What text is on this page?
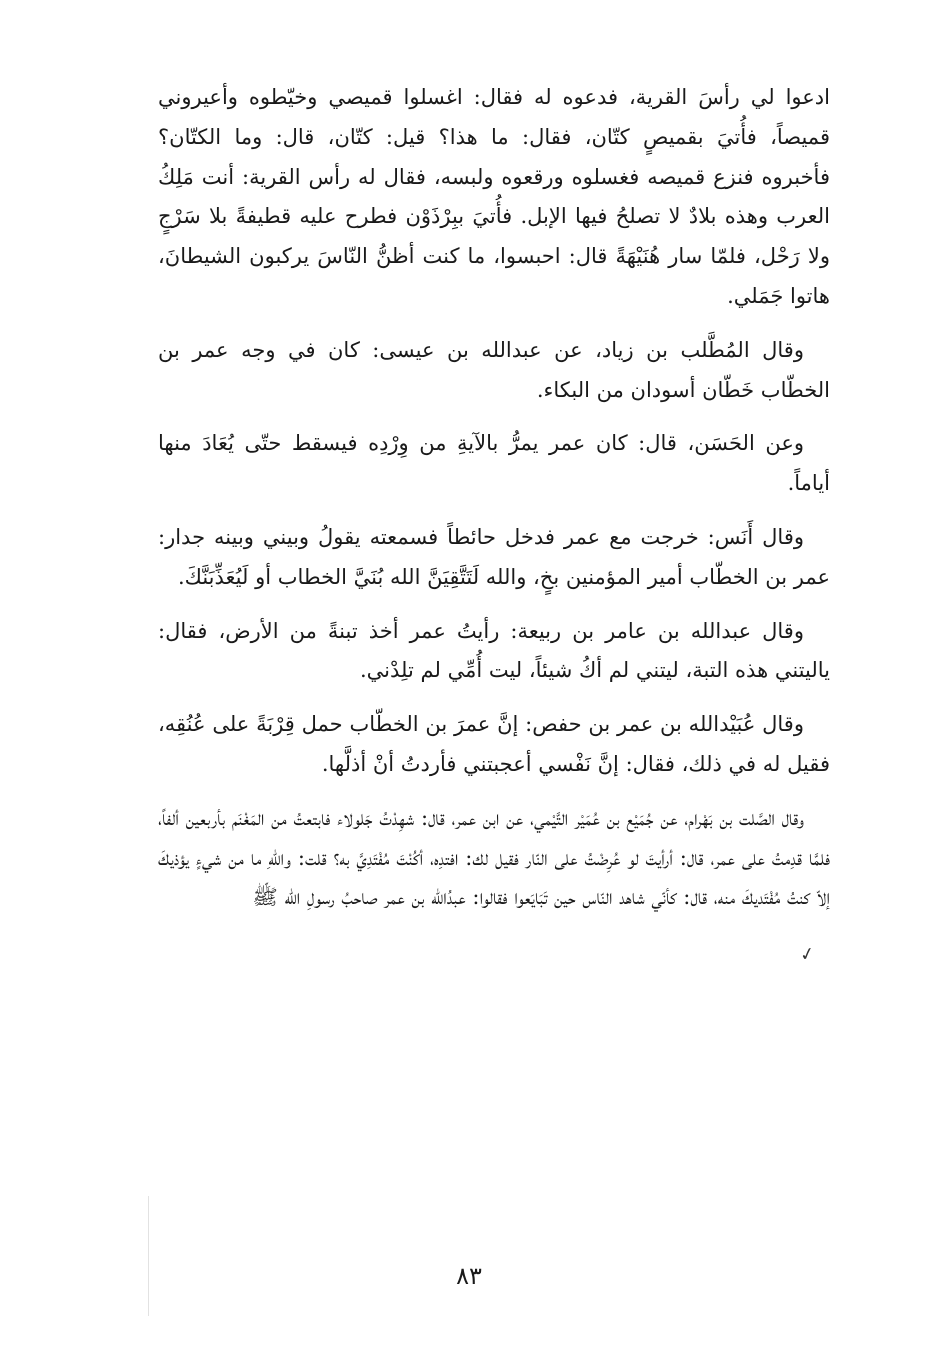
ادعوا لي رأسَ القرية، فدعوه له فقال: اغسلوا قميصي وخيّطوه وأعيروني قميصاً، فأُتيَ بقميصٍ كتّان، فقال: ما هذا؟ قيل: كتّان، قال: وما الكتّان؟ فأخبروه فنزع قميصه فغسلوه ورقعوه ولبسه، فقال له رأس القرية: أنت مَلِكُ العرب وهذه بلادٌ لا تصلحُ فيها الإبل. فأُتيَ ببِرْذَوْن فطرح عليه قطيفةً بلا سَرْجٍ ولا رَحْل، فلمّا سار هُنَيْهَةً قال: احبسوا، ما كنت أظنُّ النّاسَ يركبون الشيطانَ، هاتوا جَمَلي.

وقال المُطَّلب بن زياد، عن عبدالله بن عيسى: كان في وجه عمر بن الخطّاب خَطّان أسودان من البكاء.

وعن الحَسَن، قال: كان عمر يمرُّ بالآيةِ من وِرْدِه فيسقط حتّى يُعَادَ منها أياماً.

وقال أَنَس: خرجت مع عمر فدخل حائطاً فسمعته يقولُ وبيني وبينه جدار: عمر بن الخطّاب أمير المؤمنين بخٍ، والله لَتَتَّقِيَنَّ الله بُنَيَّ الخطاب أو لَيُعَذِّبَنَّكَ.

وقال عبدالله بن عامر بن ربيعة: رأيتُ عمر أخذ تبنةً من الأرض، فقال: ياليتني هذه التبة، ليتني لم أكُ شيئاً، ليت أُمِّي لم تلِدْني.

وقال عُبَيْدالله بن عمر بن حفص: إنَّ عمرَ بن الخطّاب حمل قِرْبَةً على عُنُقِه، فقيل له في ذلك، فقال: إنَّ نَفْسي أعجبتني فأردتُ أنْ أذلَّها.

وقال الصَّلت بن بَهْرام، عن جُمَيْع بن عُمَيْر التَّيْمي، عن ابن عمر، قال: شهِدْتُ جَلولاء فابتعتُ من المَغْنَم بأربعين ألفاً، فلمَّا قدِمتُ على عمر، قال: أرأيتَ لو عُرِضْتُ على النّار فقيل لك: افتدِه، أكُنْتَ مُفْتَدِيَّ به؟ قلت: واللهِ ما من شيءٍ يؤذيكَ إلاّ كنتُ مُفْتَديكَ منه، قال: كأنّي شاهد النّاس حين تَبَايَعوا فقالوا: عبدُالله بن عمر صاحبُ رسولِ الله ﷺ

✓
٨٣
